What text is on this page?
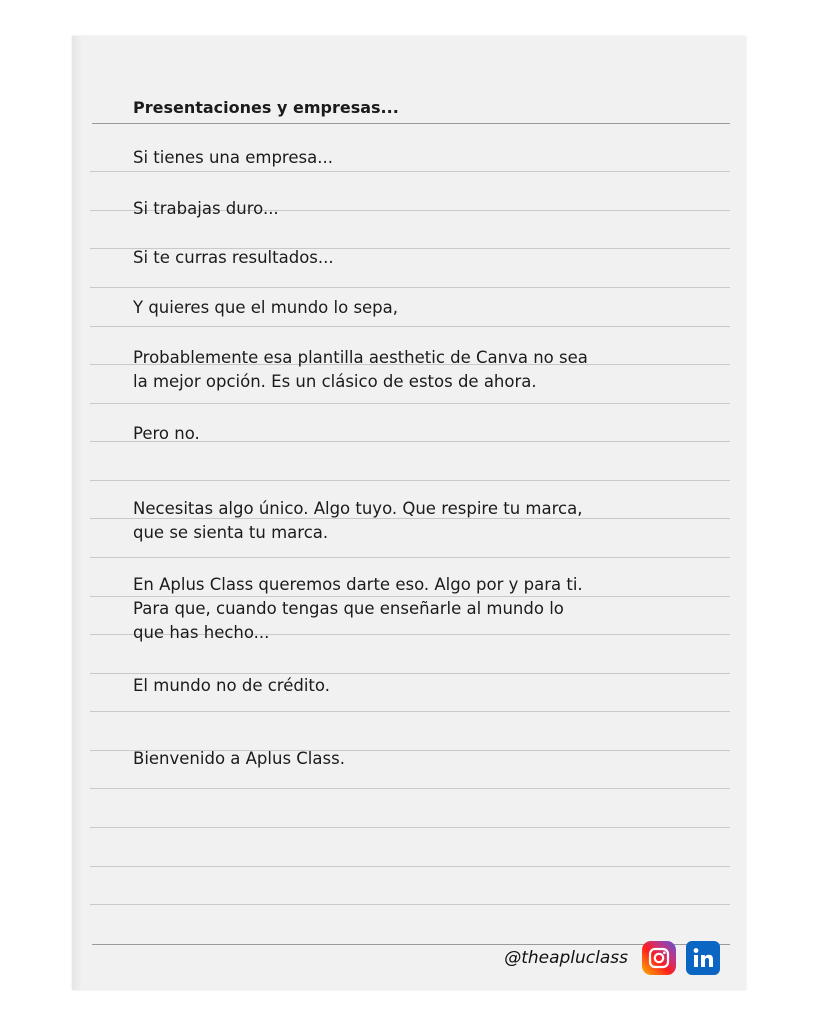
Presentaciones y empresas...

Si tienes una empresa...

Si trabajas duro...

Si te curras resultados...

Y quieres que el mundo lo sepa,

Probablemente esa plantilla aesthetic de Canva no sea
la mejor opción. Es un clásico de estos de ahora.

Pero no.

Necesitas algo único. Algo tuyo. Que respire tu marca,
que se sienta tu marca.

En Aplus Class queremos darte eso. Algo por y para ti.
Para que, cuando tengas que enseñarle al mundo lo
que has hecho...

El mundo no de crédito.

Bienvenido a Aplus Class.

@theapluclass
